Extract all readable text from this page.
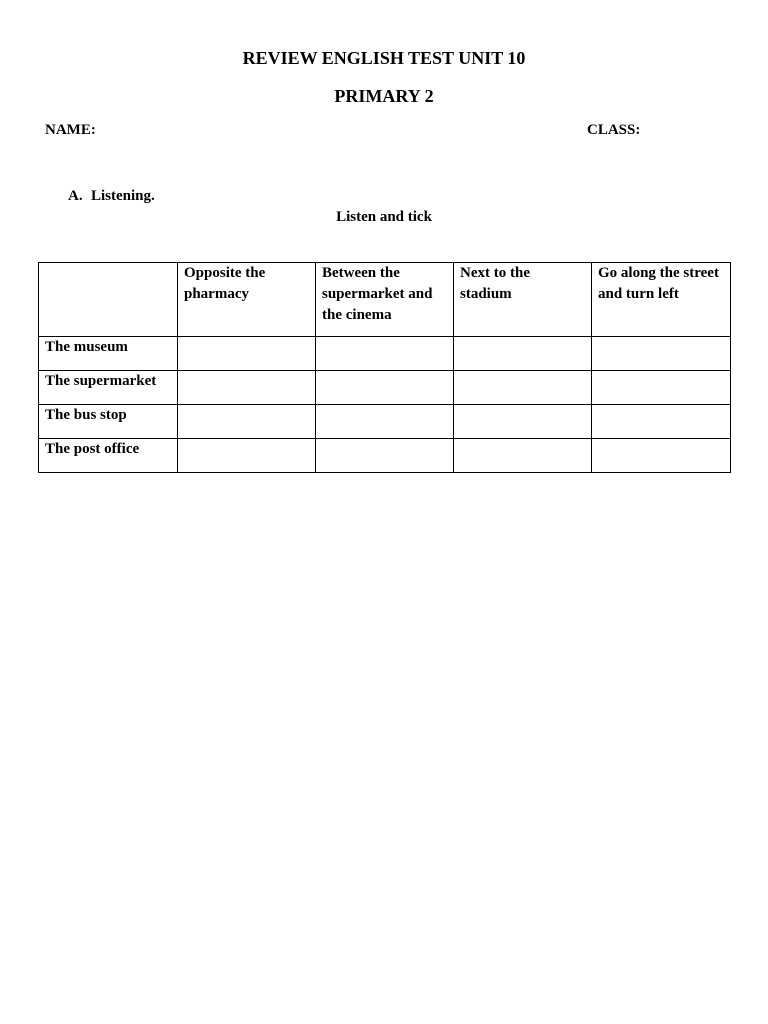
REVIEW ENGLISH TEST UNIT 10
PRIMARY 2
NAME:	CLASS:
A. Listening.
Listen and tick
	Opposite the pharmacy	Between the supermarket and the cinema	Next to the stadium	Go along the street and turn left
The museum				
The supermarket				
The bus stop				
The post office				
